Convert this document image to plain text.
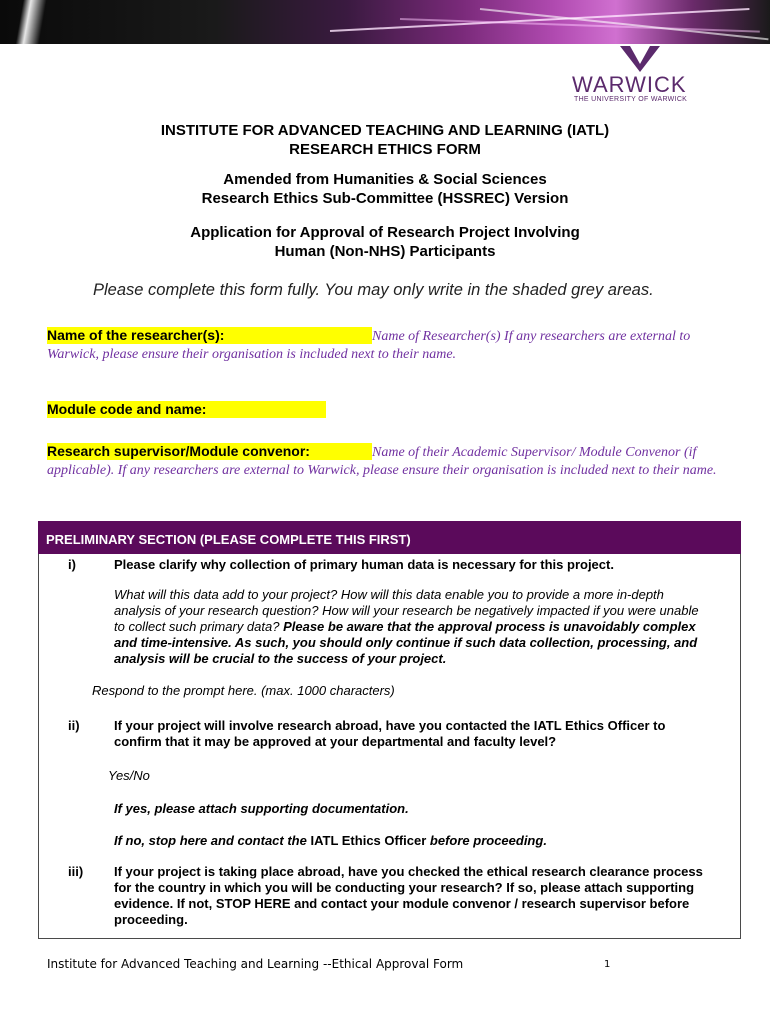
WARWICK
THE UNIVERSITY OF WARWICK
INSTITUTE FOR ADVANCED TEACHING AND LEARNING (IATL)
RESEARCH ETHICS FORM
Amended from Humanities & Social Sciences
Research Ethics Sub-Committee (HSSREC) Version
Application for Approval of Research Project Involving
Human (Non-NHS) Participants
Please complete this form fully. You may only write in the shaded grey areas.
Name of the researcher(s):	Name of Researcher(s) If any researchers are external to Warwick, please ensure their organisation is included next to their name.
Module code and name:
Research supervisor/Module convenor:	Name of their Academic Supervisor/ Module Convenor (if applicable). If any researchers are external to Warwick, please ensure their organisation is included next to their name.
PRELIMINARY SECTION (PLEASE COMPLETE THIS FIRST)
i)	Please clarify why collection of primary human data is necessary for this project.
What will this data add to your project? How will this data enable you to provide a more in-depth analysis of your research question? How will your research be negatively impacted if you were unable to collect such primary data? Please be aware that the approval process is unavoidably complex and time-intensive. As such, you should only continue if such data collection, processing, and analysis will be crucial to the success of your project.
Respond to the prompt here. (max. 1000 characters)
ii)	If your project will involve research abroad, have you contacted the IATL Ethics Officer to confirm that it may be approved at your departmental and faculty level?
Yes/No
If yes, please attach supporting documentation.
If no, stop here and contact the IATL Ethics Officer before proceeding.
iii) If your project is taking place abroad, have you checked the ethical research clearance process for the country in which you will be conducting your research? If so, please attach supporting evidence. If not, STOP HERE and contact your module convenor / research supervisor before proceeding.
Institute for Advanced Teaching and Learning --Ethical Approval Form	1
